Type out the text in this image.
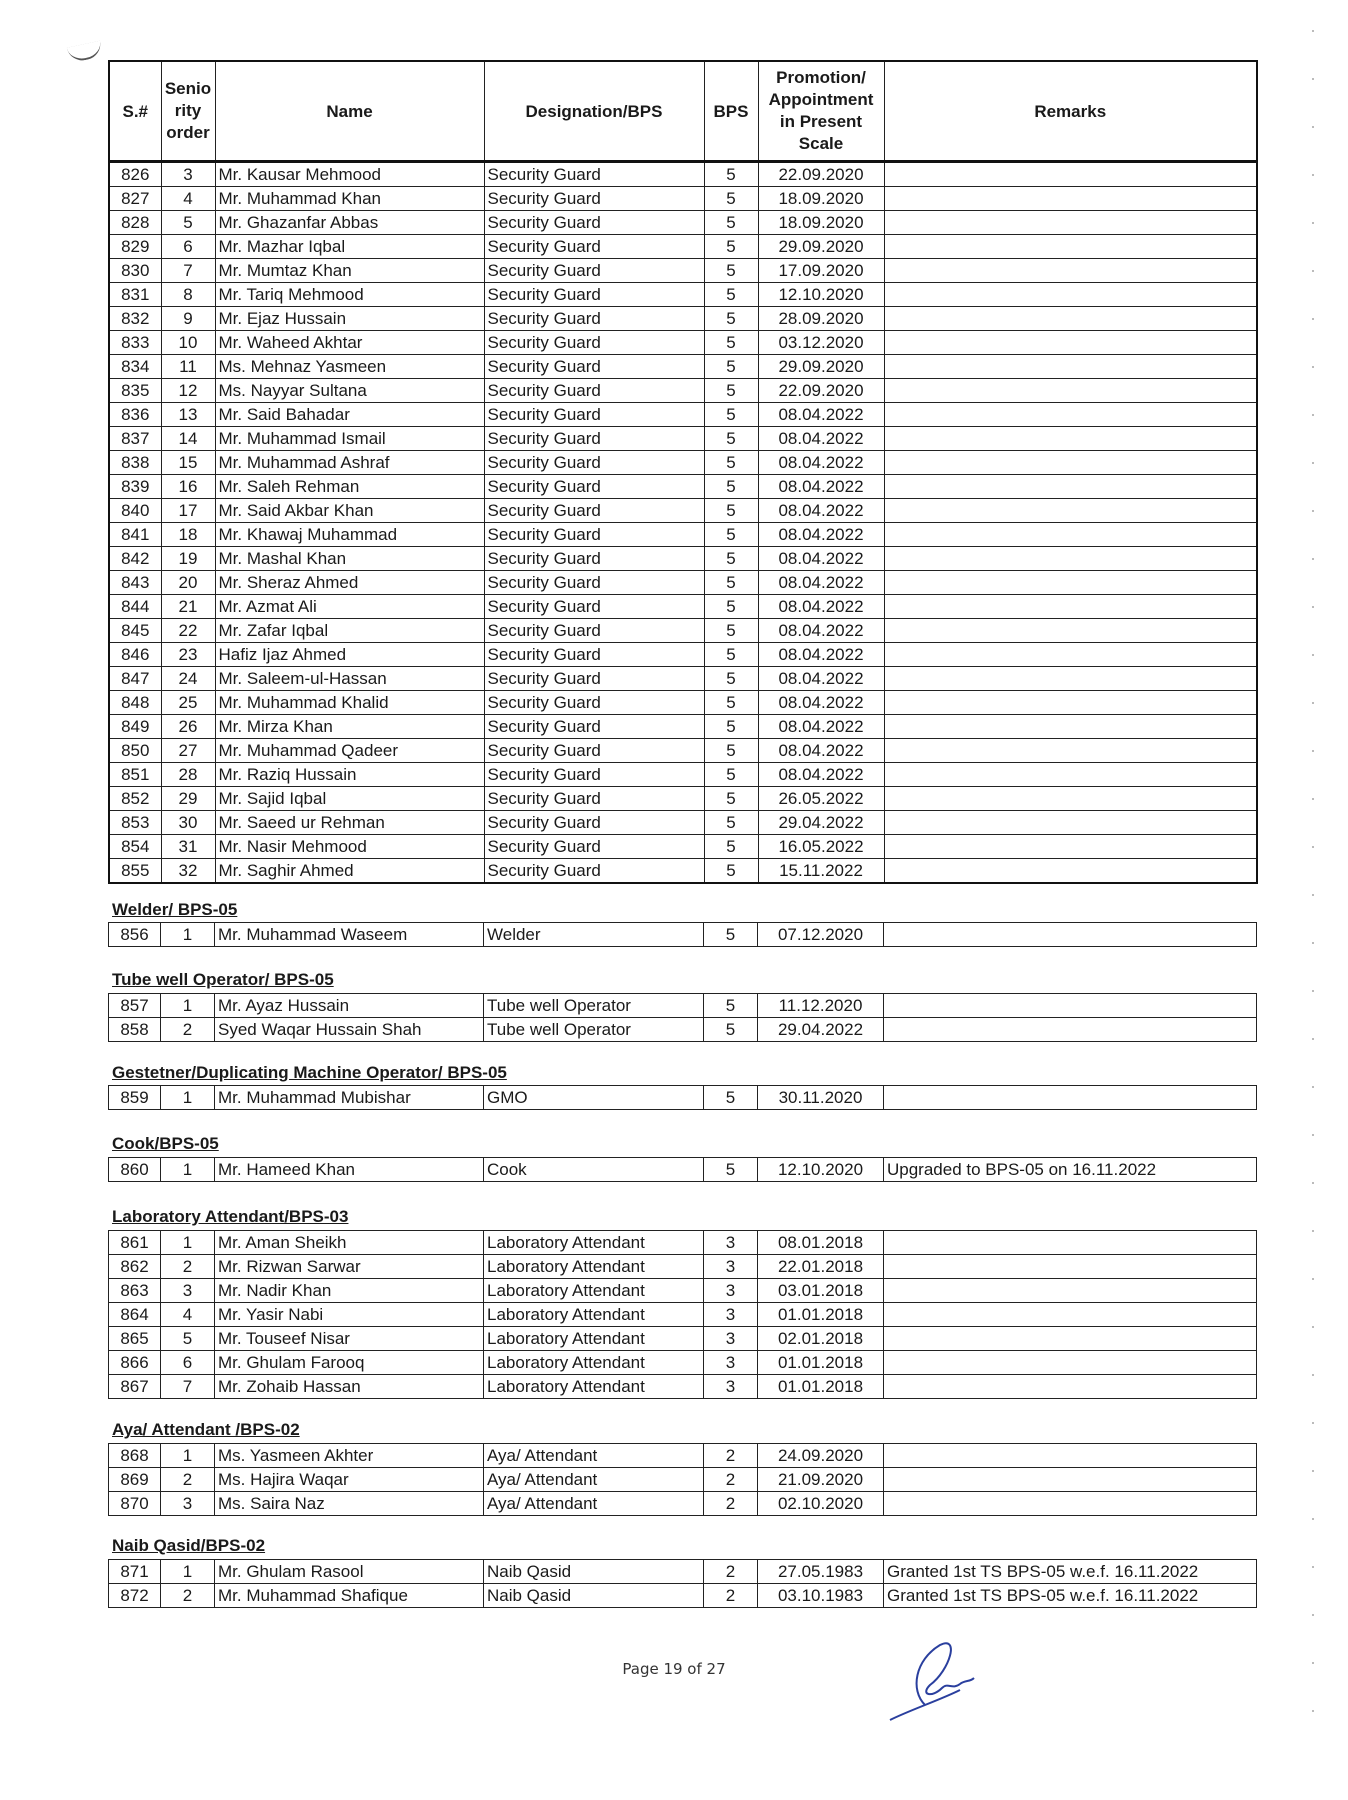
S.#	Senio
rity
order	Name	Designation/BPS	BPS	Promotion/
Appointment
in Present
Scale	Remarks
826	3	Mr. Kausar Mehmood	Security Guard	5	22.09.2020	
827	4	Mr. Muhammad Khan	Security Guard	5	18.09.2020	
828	5	Mr. Ghazanfar Abbas	Security Guard	5	18.09.2020	
829	6	Mr. Mazhar Iqbal	Security Guard	5	29.09.2020	
830	7	Mr. Mumtaz Khan	Security Guard	5	17.09.2020	
831	8	Mr. Tariq Mehmood	Security Guard	5	12.10.2020	
832	9	Mr. Ejaz Hussain	Security Guard	5	28.09.2020	
833	10	Mr. Waheed Akhtar	Security Guard	5	03.12.2020	
834	11	Ms. Mehnaz Yasmeen	Security Guard	5	29.09.2020	
835	12	Ms. Nayyar Sultana	Security Guard	5	22.09.2020	
836	13	Mr. Said Bahadar	Security Guard	5	08.04.2022	
837	14	Mr. Muhammad Ismail	Security Guard	5	08.04.2022	
838	15	Mr. Muhammad Ashraf	Security Guard	5	08.04.2022	
839	16	Mr. Saleh Rehman	Security Guard	5	08.04.2022	
840	17	Mr. Said Akbar Khan	Security Guard	5	08.04.2022	
841	18	Mr. Khawaj Muhammad	Security Guard	5	08.04.2022	
842	19	Mr. Mashal Khan	Security Guard	5	08.04.2022	
843	20	Mr. Sheraz Ahmed	Security Guard	5	08.04.2022	
844	21	Mr. Azmat Ali	Security Guard	5	08.04.2022	
845	22	Mr. Zafar Iqbal	Security Guard	5	08.04.2022	
846	23	Hafiz Ijaz Ahmed	Security Guard	5	08.04.2022	
847	24	Mr. Saleem-ul-Hassan	Security Guard	5	08.04.2022	
848	25	Mr. Muhammad Khalid	Security Guard	5	08.04.2022	
849	26	Mr. Mirza Khan	Security Guard	5	08.04.2022	
850	27	Mr. Muhammad Qadeer	Security Guard	5	08.04.2022	
851	28	Mr. Raziq Hussain	Security Guard	5	08.04.2022	
852	29	Mr. Sajid Iqbal	Security Guard	5	26.05.2022	
853	30	Mr. Saeed ur Rehman	Security Guard	5	29.04.2022	
854	31	Mr. Nasir Mehmood	Security Guard	5	16.05.2022	
855	32	Mr. Saghir Ahmed	Security Guard	5	15.11.2022	
Welder/ BPS-05
856	1	Mr. Muhammad Waseem	Welder	5	07.12.2020	
Tube well Operator/ BPS-05
857	1	Mr. Ayaz Hussain	Tube well Operator	5	11.12.2020	
858	2	Syed Waqar Hussain Shah	Tube well Operator	5	29.04.2022	
Gestetner/Duplicating Machine Operator/ BPS-05
859	1	Mr. Muhammad Mubishar	GMO	5	30.11.2020	
Cook/BPS-05
860	1	Mr. Hameed Khan	Cook	5	12.10.2020	Upgraded to BPS-05 on 16.11.2022
Laboratory Attendant/BPS-03
861	1	Mr. Aman Sheikh	Laboratory Attendant	3	08.01.2018	
862	2	Mr. Rizwan Sarwar	Laboratory Attendant	3	22.01.2018	
863	3	Mr. Nadir Khan	Laboratory Attendant	3	03.01.2018	
864	4	Mr. Yasir Nabi	Laboratory Attendant	3	01.01.2018	
865	5	Mr. Touseef Nisar	Laboratory Attendant	3	02.01.2018	
866	6	Mr. Ghulam Farooq	Laboratory Attendant	3	01.01.2018	
867	7	Mr. Zohaib Hassan	Laboratory Attendant	3	01.01.2018	
Aya/ Attendant /BPS-02
868	1	Ms. Yasmeen Akhter	Aya/ Attendant	2	24.09.2020	
869	2	Ms. Hajira Waqar	Aya/ Attendant	2	21.09.2020	
870	3	Ms. Saira Naz	Aya/ Attendant	2	02.10.2020	
Naib Qasid/BPS-02
871	1	Mr. Ghulam Rasool	Naib Qasid	2	27.05.1983	Granted 1st TS BPS-05 w.e.f. 16.11.2022
872	2	Mr. Muhammad Shafique	Naib Qasid	2	03.10.1983	Granted 1st TS BPS-05 w.e.f. 16.11.2022
Page 19 of 27
